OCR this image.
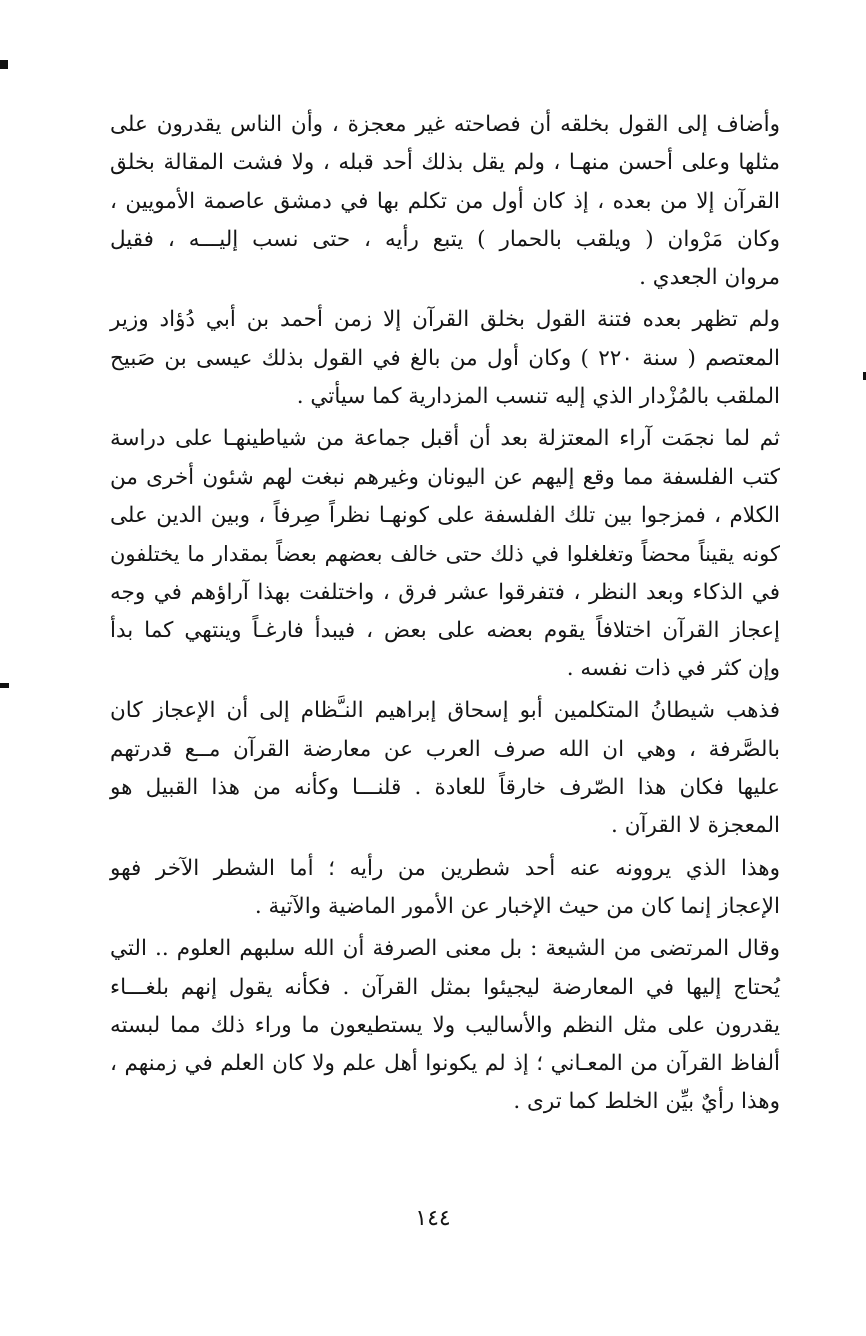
وأضاف إلى القول بخلقه أن فصاحته غير معجزة ، وأن الناس يقدرون على
مثلها وعلى أحسن منهـا ، ولم يقل بذلك أحد قبله ، ولا فشت المقالة بخلق
القرآن إلا من بعده ، إذ كان أول من تكلم بها في دمشق عاصمة الأمويين ،
وكان مَرْوان ( ويلقب بالحمار ) يتبع رأيه ، حتى نسب إليـــه ، فقيل
مروان الجعدي .
ولم تظهر بعده فتنة القول بخلق القرآن إلا زمن أحمد بن أبي دُؤاد وزير
المعتصم ( سنة ٢٢٠ ) وكان أول من بالغ في القول بذلك عيسى بن صَبيح
الملقب بالمُزْدار الذي إليه تنسب المزدارية كما سيأتي .
ثم لما نجمَت آراء المعتزلة بعد أن أقبل جماعة من شياطينهـا على دراسة
كتب الفلسفة مما وقع إليهم عن اليونان وغيرهم نبغت لهم شئون أخرى من
الكلام ، فمزجوا بين تلك الفلسفة على كونهـا نظراً صِرفاً ، وبين الدين على
كونه يقيناً محضاً وتغلغلوا في ذلك حتى خالف بعضهم بعضاً بمقدار ما يختلفون
في الذكاء وبعد النظر ، فتفرقوا عشر فرق ، واختلفت بهذا آراؤهم في وجه
إعجاز القرآن اختلافاً يقوم بعضه على بعض ، فيبدأ فارغـاً وينتهي كما بدأ
وإن كثر في ذات نفسه .
فذهب شيطانُ المتكلمين أبو إسحاق إبراهيم النـَّظام إلى أن الإعجاز كان
بالصَّرفة ، وهي ان الله صرف العرب عن معارضة القرآن مــع قدرتهم
عليها فكان هذا الصّرف خارقاً للعادة . قلنـــا وكأنه من هذا القبيل هو
المعجزة لا القرآن .
وهذا الذي يروونه عنه أحد شطرين من رأيه ؛ أما الشطر الآخر فهو
الإعجاز إنما كان من حيث الإخبار عن الأمور الماضية والآتية .
وقال المرتضى من الشيعة : بل معنى الصرفة أن الله سلبهم العلوم .. التي
يُحتاج إليها في المعارضة ليجيئوا بمثل القرآن . فكأنه يقول إنهم بلغـــاء
يقدرون على مثل النظم والأساليب ولا يستطيعون ما وراء ذلك مما لبسته
ألفاظ القرآن من المعـاني ؛ إذ لم يكونوا أهل علم ولا كان العلم في زمنهم ،
وهذا رأيٌ بيِّن الخلط كما ترى .
١٤٤
